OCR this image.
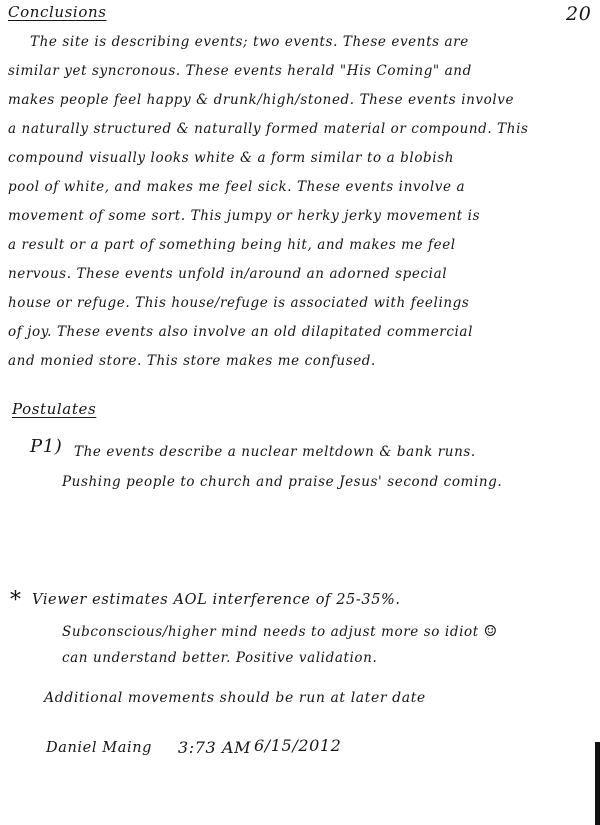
20
Conclusions
The site is describing events; two events. These events are
similar yet syncronous. These events herald "His Coming" and
makes people feel happy & drunk/high/stoned. These events involve
a naturally structured & naturally formed material or compound. This
compound visually looks white & a form similar to a blobish
pool of white, and makes me feel sick. These events involve a
movement of some sort. This jumpy or herky jerky movement is
a result or a part of something being hit, and makes me feel
nervous. These events unfold in/around an adorned special
house or refuge. This house/refuge is associated with feelings
of joy. These events also involve an old dilapitated commercial
and monied store. This store makes me confused.
Postulates
P1) The events describe a nuclear meltdown & bank runs.
Pushing people to church and praise Jesus' second coming.
* Viewer estimates AOL interference of 25-35%.
Subconscious/higher mind needs to adjust more so idiot ☺
can understand better. Positive validation.
Additional movements should be run at later date
Daniel Maing 3:73 AM 6/15/2012
